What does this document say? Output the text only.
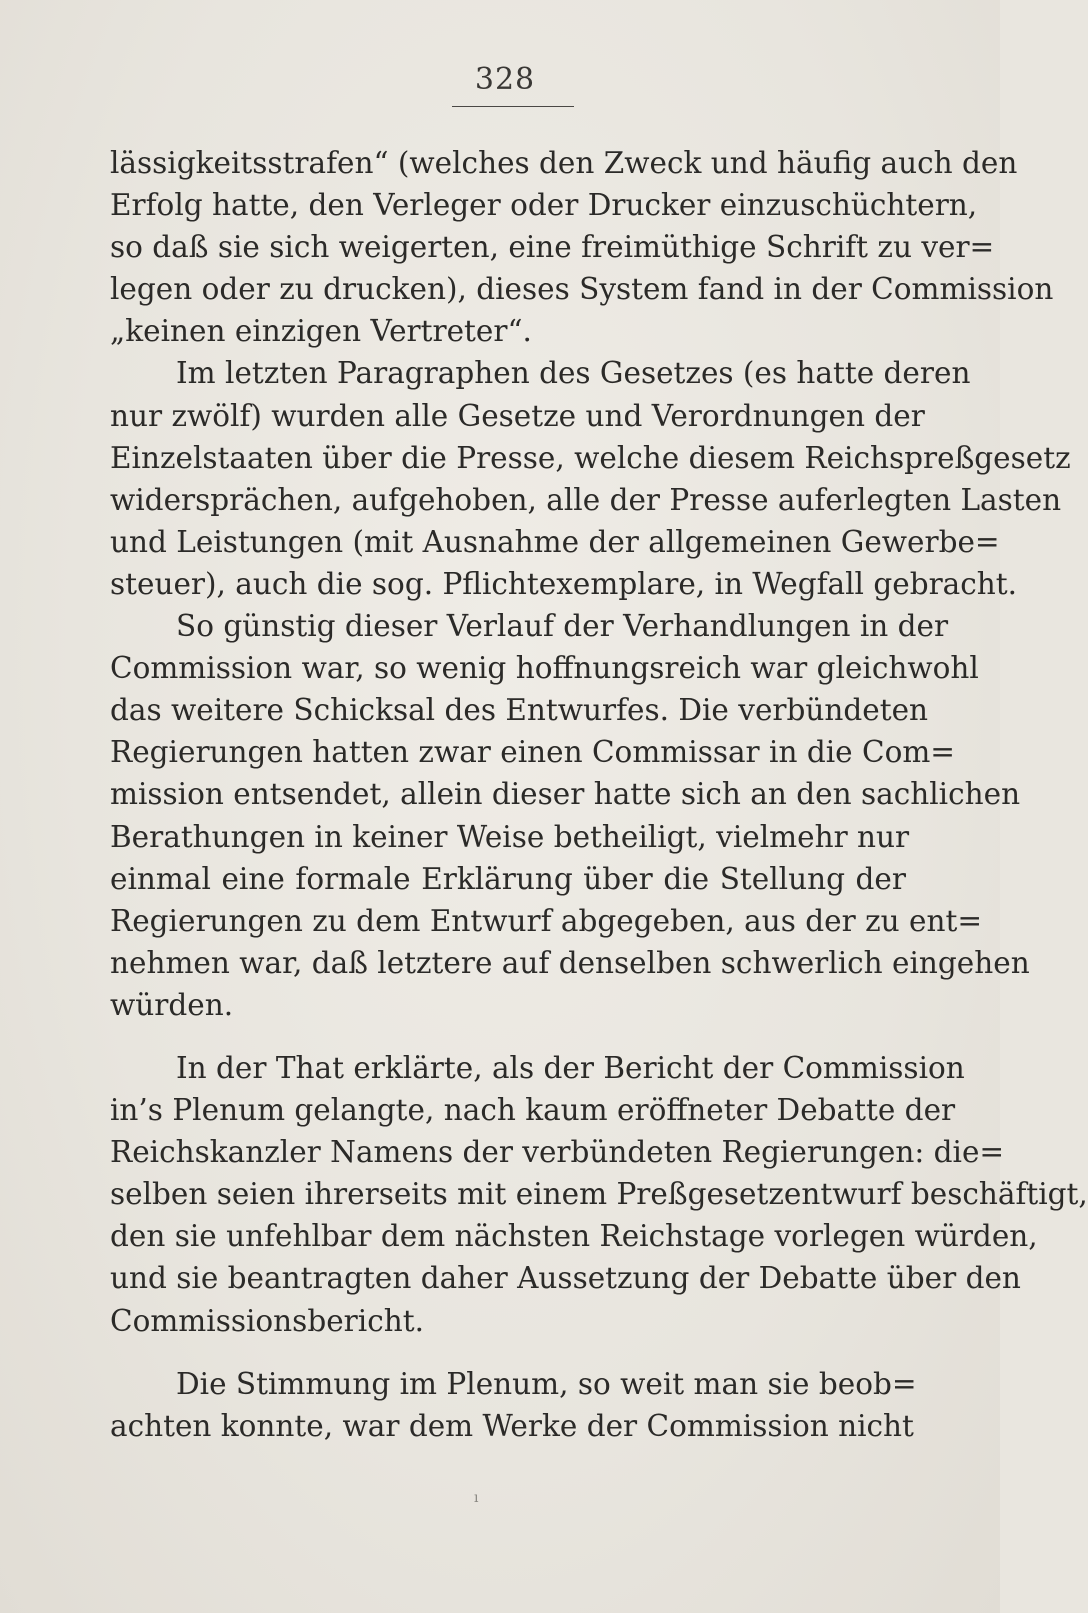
328
lässigkeitsstrafen“ (welches den Zweck und häufig auch den
Erfolg hatte, den Verleger oder Drucker einzuschüchtern,
so daß sie sich weigerten, eine freimüthige Schrift zu ver=
legen oder zu drucken), dieses System fand in der Commission
„keinen einzigen Vertreter“.
Im letzten Paragraphen des Gesetzes (es hatte deren
nur zwölf) wurden alle Gesetze und Verordnungen der
Einzelstaaten über die Presse, welche diesem Reichspreßgesetz
widersprächen, aufgehoben, alle der Presse auferlegten Lasten
und Leistungen (mit Ausnahme der allgemeinen Gewerbe=
steuer), auch die sog. Pflichtexemplare, in Wegfall gebracht.
So günstig dieser Verlauf der Verhandlungen in der
Commission war, so wenig hoffnungsreich war gleichwohl
das weitere Schicksal des Entwurfes. Die verbündeten
Regierungen hatten zwar einen Commissar in die Com=
mission entsendet, allein dieser hatte sich an den sachlichen
Berathungen in keiner Weise betheiligt, vielmehr nur
einmal eine formale Erklärung über die Stellung der
Regierungen zu dem Entwurf abgegeben, aus der zu ent=
nehmen war, daß letztere auf denselben schwerlich eingehen
würden.
In der That erklärte, als der Bericht der Commission
in’s Plenum gelangte, nach kaum eröffneter Debatte der
Reichskanzler Namens der verbündeten Regierungen: die=
selben seien ihrerseits mit einem Preßgesetzentwurf beschäftigt,
den sie unfehlbar dem nächsten Reichstage vorlegen würden,
und sie beantragten daher Aussetzung der Debatte über den
Commissionsbericht.
Die Stimmung im Plenum, so weit man sie beob=
achten konnte, war dem Werke der Commission nicht
ı
